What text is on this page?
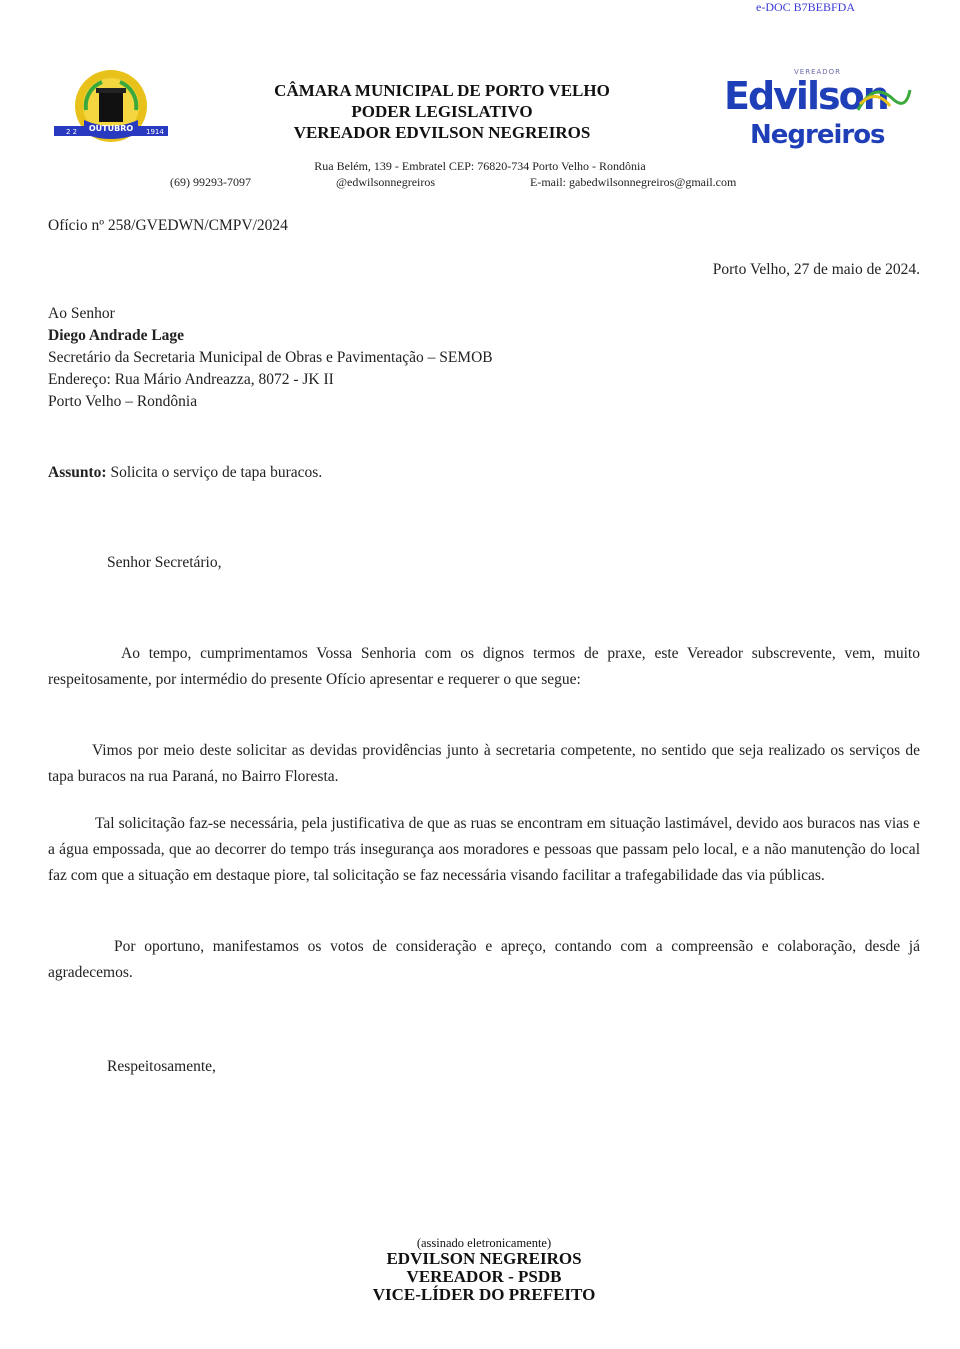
e-DOC B7BEBFDA
OUTUBRO
2 2	1914
CÂMARA MUNICIPAL DE PORTO VELHO
PODER LEGISLATIVO
VEREADOR EDVILSON NEGREIROS
VEREADOR
Edvilson
Negreiros
Rua Belém, 139 - Embratel CEP: 76820-734 Porto Velho - Rondônia
(69) 99293-7097	@edwilsonnegreiros	E-mail: gabedwilsonnegreiros@gmail.com
Ofício nº 258/GVEDWN/CMPV/2024
Porto Velho, 27 de maio de 2024.
Ao Senhor
Diego Andrade Lage
Secretário da Secretaria Municipal de Obras e Pavimentação – SEMOB
Endereço: Rua Mário Andreazza, 8072 - JK II
Porto Velho – Rondônia
Assunto: Solicita o serviço de tapa buracos.
Senhor Secretário,
Ao tempo, cumprimentamos Vossa Senhoria com os dignos termos de praxe, este Vereador subscrevente, vem, muito respeitosamente, por intermédio do presente Ofício apresentar e requerer o que segue:
Vimos por meio deste solicitar as devidas providências junto à secretaria competente, no sentido que seja realizado os serviços de tapa buracos na rua Paraná, no Bairro Floresta.
Tal solicitação faz-se necessária, pela justificativa de que as ruas se encontram em situação lastimável, devido aos buracos nas vias e a água empossada, que ao decorrer do tempo trás insegurança aos moradores e pessoas que passam pelo local, e a não manutenção do local faz com que a situação em destaque piore, tal solicitação se faz necessária visando facilitar a trafegabilidade das via públicas.
Por oportuno, manifestamos os votos de consideração e apreço, contando com a compreensão e colaboração, desde já agradecemos.
Respeitosamente,
(assinado eletronicamente)
EDVILSON NEGREIROS
VEREADOR - PSDB
VICE-LÍDER DO PREFEITO
